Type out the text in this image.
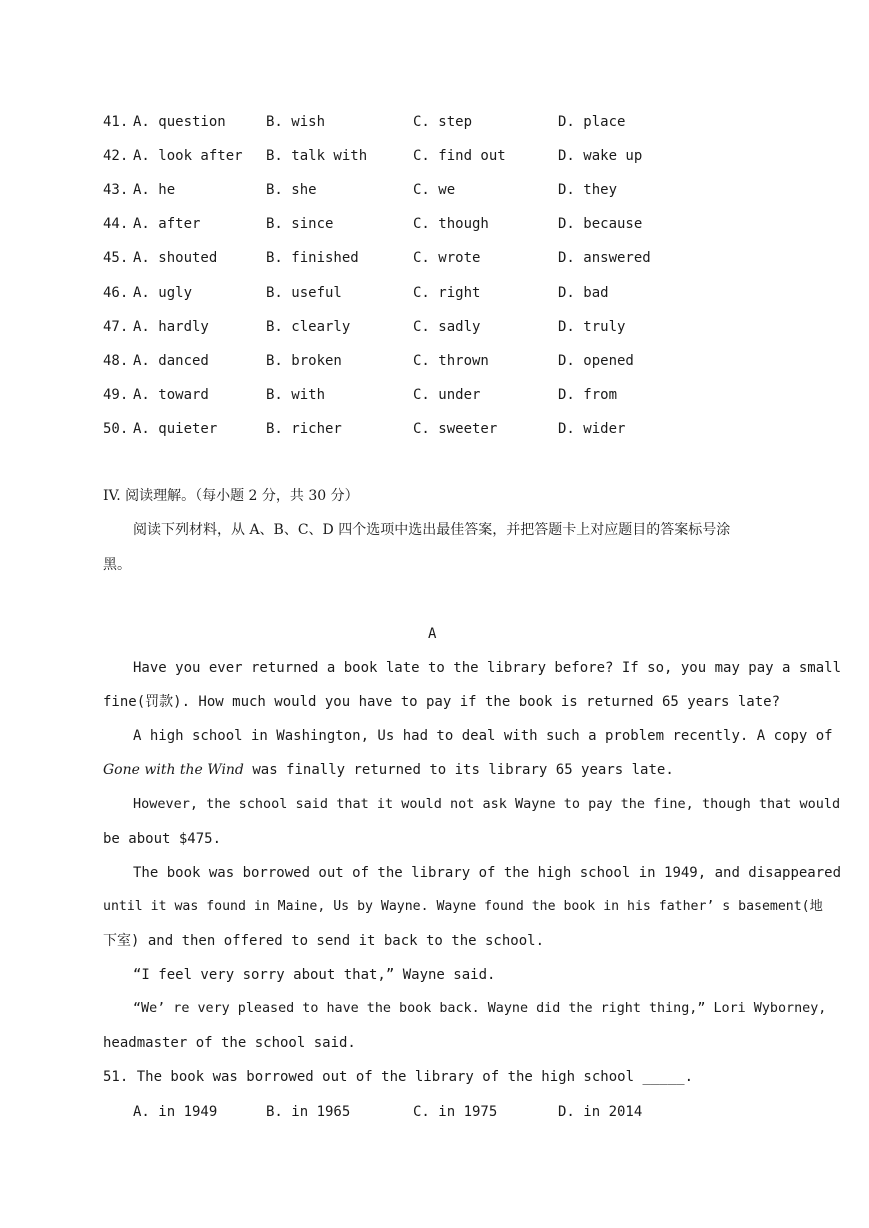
41. A. question	B. wish	C. step	D. place
42. A. look after B. talk with	C. find out	D. wake up
43. A. he	B. she	C. we	D. they
44. A. after	B. since	C. though	D. because
45. A. shouted	B. finished	C. wrote	D. answered
46. A. ugly	B. useful	C. right	D. bad
47. A. hardly	B. clearly	C. sadly	D. truly
48. A. danced	B. broken	C. thrown	D. opened
49. A. toward	B. with	C. under	D. from
50. A. quieter	B. richer	C. sweeter	D. wider
IV. 阅读理解。（每小题 2 分，共 30 分）
阅读下列材料，从 A、B、C、D 四个选项中选出最佳答案，并把答题卡上对应题目的答案标号涂
黑。
A
Have you ever returned a book late to the library before? If so, you may pay a small
fine(罚款). How much would you have to pay if the book is returned 65 years late?
A high school in Washington, Us had to deal with such a problem recently. A copy of
Gone with the Wind was finally returned to its library 65 years late.
However, the school said that it would not ask Wayne to pay the fine, though that would
be about $475.
The book was borrowed out of the library of the high school in 1949, and disappeared
until it was found in Maine, Us by Wayne. Wayne found the book in his father’ s basement(地
下室) and then offered to send it back to the school.
“I feel very sorry about that,” Wayne said.
“We’ re very pleased to have the book back. Wayne did the right thing,” Lori Wyborney,
headmaster of the school said.
51. The book was borrowed out of the library of the high school _____.
A. in 1949	B. in 1965	C. in 1975	D. in 2014
